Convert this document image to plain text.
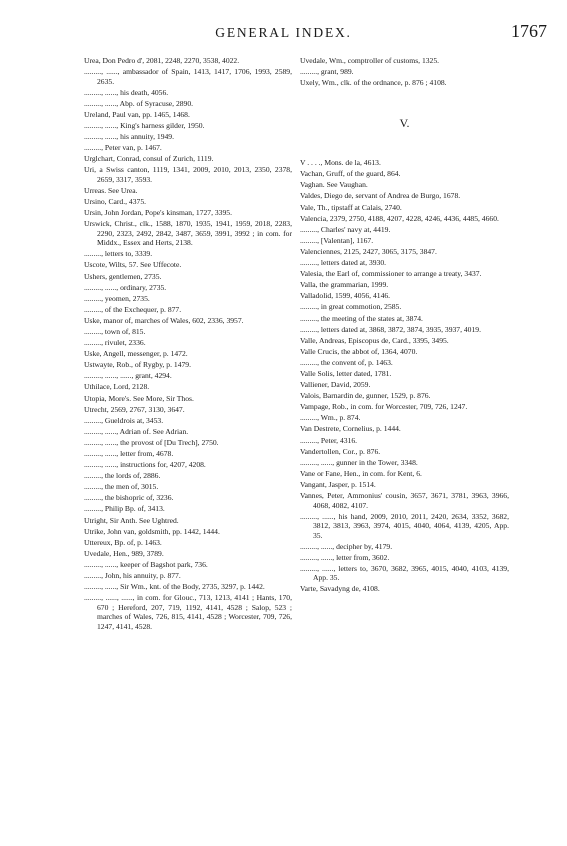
GENERAL INDEX.	1767

Urea, Don Pedro d', 2081, 2248, 2270, 3538, 4022.

........., ......, ambassador of Spain, 1413, 1417, 1706, 1993, 2589, 2635.

........., ......, his death, 4056.

........., ......, Abp. of Syracuse, 2890.

Ureland, Paul van, pp. 1465, 1468.

........., ......, King's harness gilder, 1950.

........., ......, his annuity, 1949.

........., Peter van, p. 1467.

Urglchart, Conrad, consul of Zurich, 1119.

Uri, a Swiss canton, 1119, 1341, 2009, 2010, 2013, 2350, 2378, 2659, 3317, 3593.

Urreas. See Urea.

Ursino, Card., 4375.

Ursin, John Jordan, Pope's kinsman, 1727, 3395.

Urswick, Christ., clk., 1588, 1870, 1935, 1941, 1959, 2018, 2283, 2290, 2323, 2492, 2842, 3487, 3659, 3991, 3992 ; in com. for Middx., Essex and Herts, 2138.

........., letters to, 3339.

Uscote, Wilts, 57. See Uffecote.

Ushers, gentlemen, 2735.

........., ......, ordinary, 2735.

........., yeomen, 2735.

........., of the Exchequer, p. 877.

Uske, manor of, marches of Wales, 602, 2336, 3957.

........., town of, 815.

........., rivulet, 2336.

Uske, Angell, messenger, p. 1472.

Ustwayte, Rob., of Rygby, p. 1479.

........., ......, ......, grant, 4294.

Uthilace, Lord, 2128.

Utopia, More's. See More, Sir Thos.

Utrecht, 2569, 2767, 3130, 3647.

........., Gueldrois at, 3453.

........., ......, Adrian of. See Adrian.

........., ......, the provost of [Du Trech], 2750.

........., ......, letter from, 4678.

........., ......, instructions for, 4207, 4208.

........., the lords of, 2886.

........., the men of, 3015.

........., the bishopric of, 3236.

........., Philip Bp. of, 3413.

Utright, Sir Anth. See Ughtred.

Utrike, John van, goldsmith, pp. 1442, 1444.

Uttereux, Bp. of, p. 1463.

Uvedale, Hen., 989, 3789.

........., ......, keeper of Bagshot park, 736.

........., John, his annuity, p. 877.

........., ......, Sir Wm., knt. of the Body, 2735, 3297, p. 1442.

........., ......, ......, in com. for Glouc., 713, 1213, 4141 ; Hants, 170, 670 ; Hereford, 207, 719, 1192, 4141, 4528 ; Salop, 523 ; marches of Wales, 726, 815, 4141, 4528 ; Worcester, 709, 726, 1247, 4141, 4528.

Uvedale, Wm., comptroller of customs, 1325.

........., grant, 989.

Uxely, Wm., clk. of the ordnance, p. 876 ; 4108.

V.

V . . . ., Mons. de la, 4613.

Vachan, Gruff, of the guard, 864.

Vaghan. See Vaughan.

Valdes, Diego de, servant of Andrea de Burgo, 1678.

Vale, Th., tipstaff at Calais, 2740.

Valencia, 2379, 2750, 4188, 4207, 4228, 4246, 4436, 4485, 4660.

........., Charles' navy at, 4419.

........., [Valentan], 1167.

Valenciennes, 2125, 2427, 3065, 3175, 3847.

........., letters dated at, 3930.

Valesia, the Earl of, commissioner to arrange a treaty, 3437.

Valla, the grammarian, 1999.

Valladolid, 1599, 4056, 4146.

........., in great commotion, 2585.

........., the meeting of the states at, 3874.

........., letters dated at, 3868, 3872, 3874, 3935, 3937, 4019.

Valle, Andreas, Episcopus de, Card., 3395, 3495.

Valle Crucis, the abbot of, 1364, 4070.

........., the convent of, p. 1463.

Valle Solis, letter dated, 1781.

Valliener, David, 2059.

Valois, Barnardin de, gunner, 1529, p. 876.

Vampage, Rob., in com. for Worcester, 709, 726, 1247.

........., Wm., p. 874.

Van Destrete, Cornelius, p. 1444.

........., Peter, 4316.

Vandertollen, Cor., p. 876.

........., ......, gunner in the Tower, 3348.

Vane or Fane, Hen., in com. for Kent, 6.

Vangant, Jasper, p. 1514.

Vannes, Peter, Ammonius' cousin, 3657, 3671, 3781, 3963, 3966, 4068, 4082, 4107.

........., ......, his hand, 2009, 2010, 2011, 2420, 2634, 3352, 3682, 3812, 3813, 3963, 3974, 4015, 4040, 4064, 4139, 4205, App. 35.

........., ......, decipher by, 4179.

........., ......, letter from, 3602.

........., ......, letters to, 3670, 3682, 3965, 4015, 4040, 4103, 4139, App. 35.

Varte, Savadyng de, 4108.
